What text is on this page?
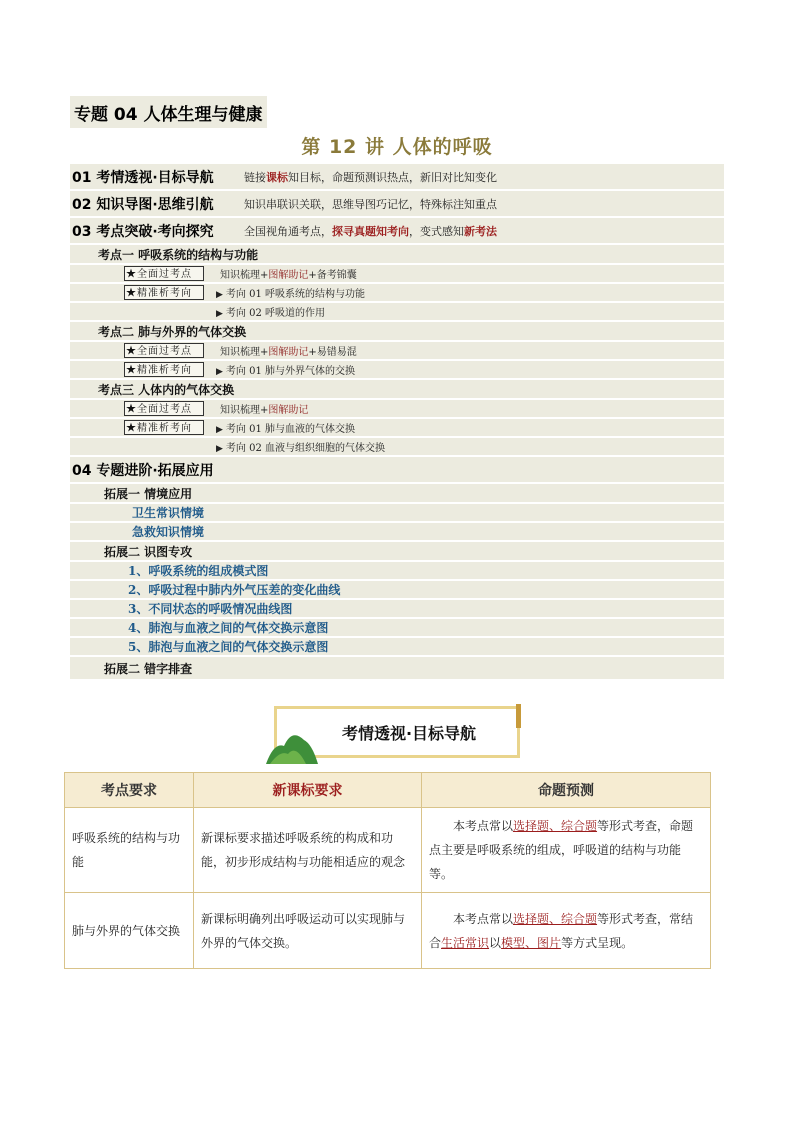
专题 04 人体生理与健康
第 12 讲 人体的呼吸
01 考情透视·目标导航	链接课标知目标，命题预测识热点，新旧对比知变化
02 知识导图·思维引航	知识串联识关联，思维导图巧记忆，特殊标注知重点
03 考点突破·考向探究	全国视角通考点，探寻真题知考向，变式感知新考法
考点一 呼吸系统的结构与功能
★全面过考点	知识梳理+图解助记+备考锦囊
★精准析考向	▶ 考向 01 呼吸系统的结构与功能
▶ 考向 02 呼吸道的作用
考点二 肺与外界的气体交换
★全面过考点	知识梳理+图解助记+易错易混
★精准析考向	▶ 考向 01 肺与外界气体的交换
考点三 人体内的气体交换
★全面过考点	知识梳理+图解助记
★精准析考向	▶ 考向 01 肺与血液的气体交换
▶ 考向 02 血液与组织细胞的气体交换
04 专题进阶·拓展应用
拓展一 情境应用
卫生常识情境
急救知识情境
拓展二 识图专攻
1、呼吸系统的组成模式图
2、呼吸过程中肺内外气压差的变化曲线
3、不同状态的呼吸情况曲线图
4、肺泡与血液之间的气体交换示意图
5、肺泡与血液之间的气体交换示意图
拓展二 错字排查
考情透视·目标导航
考点要求	新课标要求	命题预测
呼吸系统的结构与功能	新课标要求描述呼吸系统的构成和功能，初步形成结构与功能相适应的观念	本考点常以选择题、综合题等形式考查，命题点主要是呼吸系统的组成，呼吸道的结构与功能等。
肺与外界的气体交换	新课标明确列出呼吸运动可以实现肺与外界的气体交换。	本考点常以选择题、综合题等形式考查，常结合生活常识以模型、图片等方式呈现。
